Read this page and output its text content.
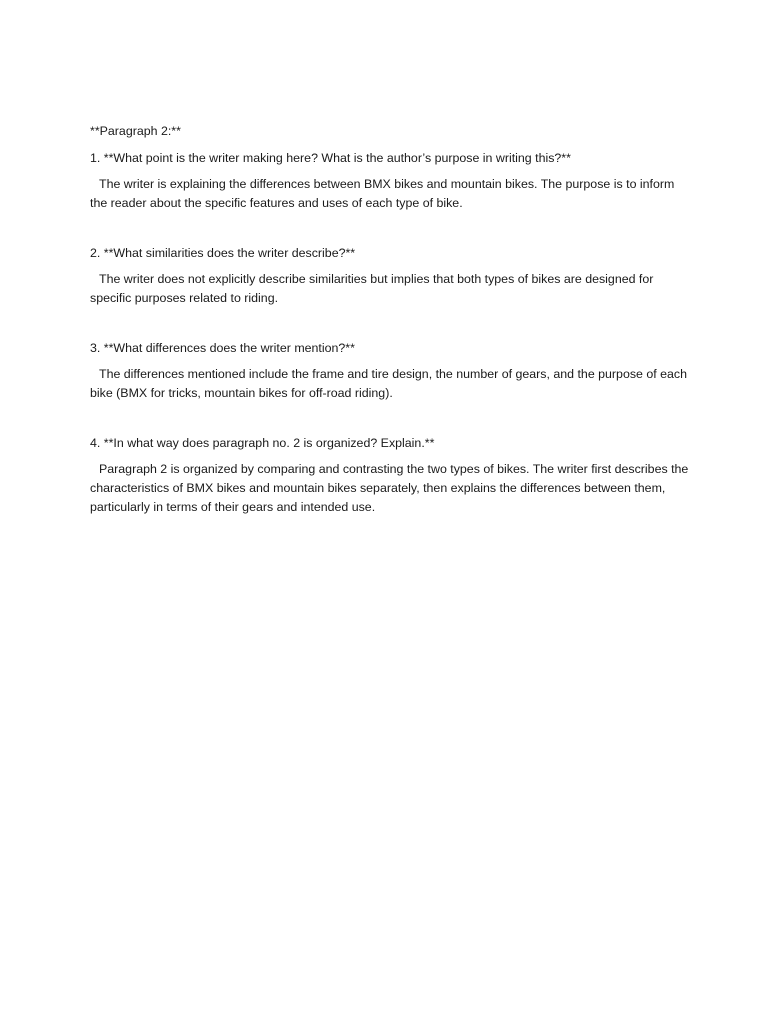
**Paragraph 2:**

1. **What point is the writer making here? What is the author’s purpose in writing this?**

The writer is explaining the differences between BMX bikes and mountain bikes. The purpose is to inform the reader about the specific features and uses of each type of bike.

2. **What similarities does the writer describe?**

The writer does not explicitly describe similarities but implies that both types of bikes are designed for specific purposes related to riding.

3. **What differences does the writer mention?**

The differences mentioned include the frame and tire design, the number of gears, and the purpose of each bike (BMX for tricks, mountain bikes for off-road riding).

4. **In what way does paragraph no. 2 is organized? Explain.**

Paragraph 2 is organized by comparing and contrasting the two types of bikes. The writer first describes the characteristics of BMX bikes and mountain bikes separately, then explains the differences between them, particularly in terms of their gears and intended use.
